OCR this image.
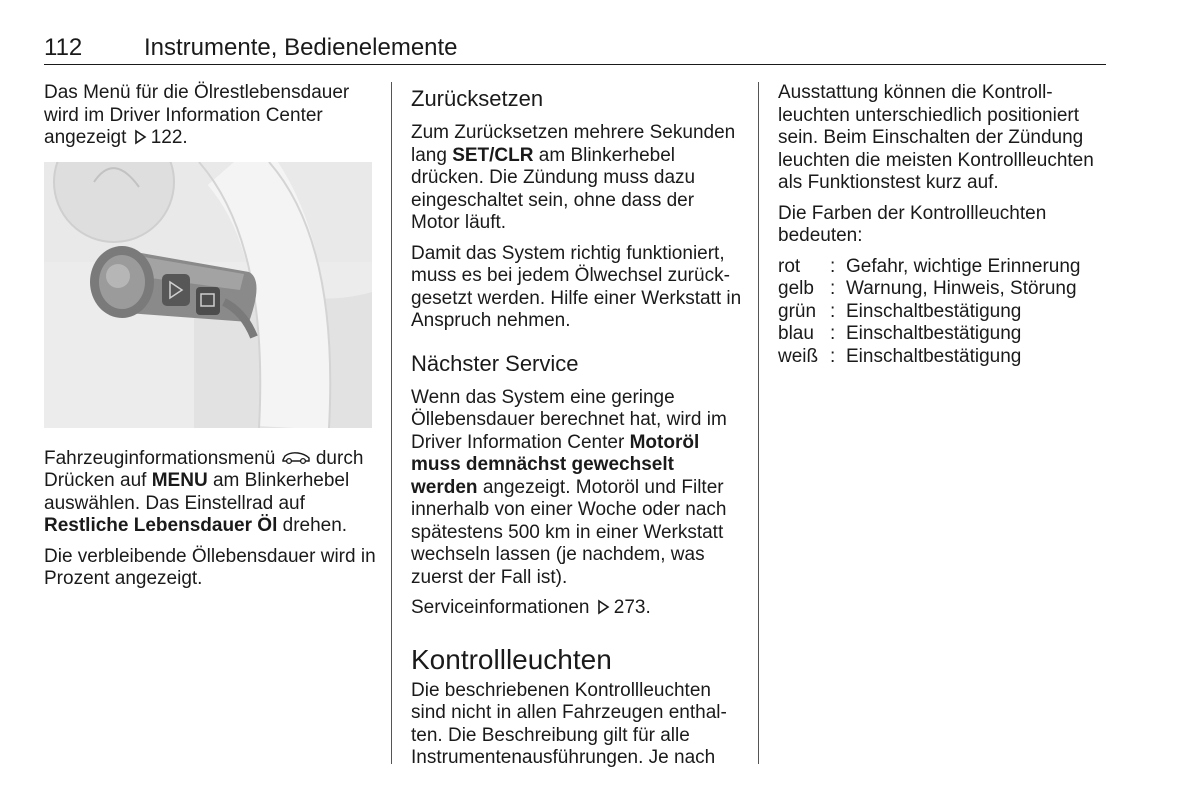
112	Instrumente, Bedienelemente

Das Menü für die Ölrestlebensdauer wird im Driver Information Center angezeigt 122.

Fahrzeuginformationsmenü durch Drücken auf MENU am Blinkerhebel auswählen. Das Einstellrad auf Restliche Lebensdauer Öl drehen.

Die verbleibende Öllebensdauer wird in Prozent angezeigt.

Zurücksetzen

Zum Zurücksetzen mehrere Sekunden lang SET/CLR am Blinkerhebel drücken. Die Zündung muss dazu eingeschaltet sein, ohne dass der Motor läuft.

Damit das System richtig funktioniert, muss es bei jedem Ölwechsel zurückgesetzt werden. Hilfe einer Werkstatt in Anspruch nehmen.

Nächster Service

Wenn das System eine geringe Öllebensdauer berechnet hat, wird im Driver Information Center Motoröl muss demnächst gewechselt werden angezeigt. Motoröl und Filter innerhalb von einer Woche oder nach spätestens 500 km in einer Werkstatt wechseln lassen (je nachdem, was zuerst der Fall ist).

Serviceinformationen 273.

Kontrollleuchten

Die beschriebenen Kontrollleuchten sind nicht in allen Fahrzeugen enthalten. Die Beschreibung gilt für alle Instrumentenausführungen. Je nach

Ausstattung können die Kontrollleuchten unterschiedlich positioniert sein. Beim Einschalten der Zündung leuchten die meisten Kontrollleuchten als Funktionstest kurz auf.

Die Farben der Kontrollleuchten bedeuten:

rot	:	Gefahr, wichtige Erinnerung
gelb	:	Warnung, Hinweis, Störung
grün	:	Einschaltbestätigung
blau	:	Einschaltbestätigung
weiß	:	Einschaltbestätigung
